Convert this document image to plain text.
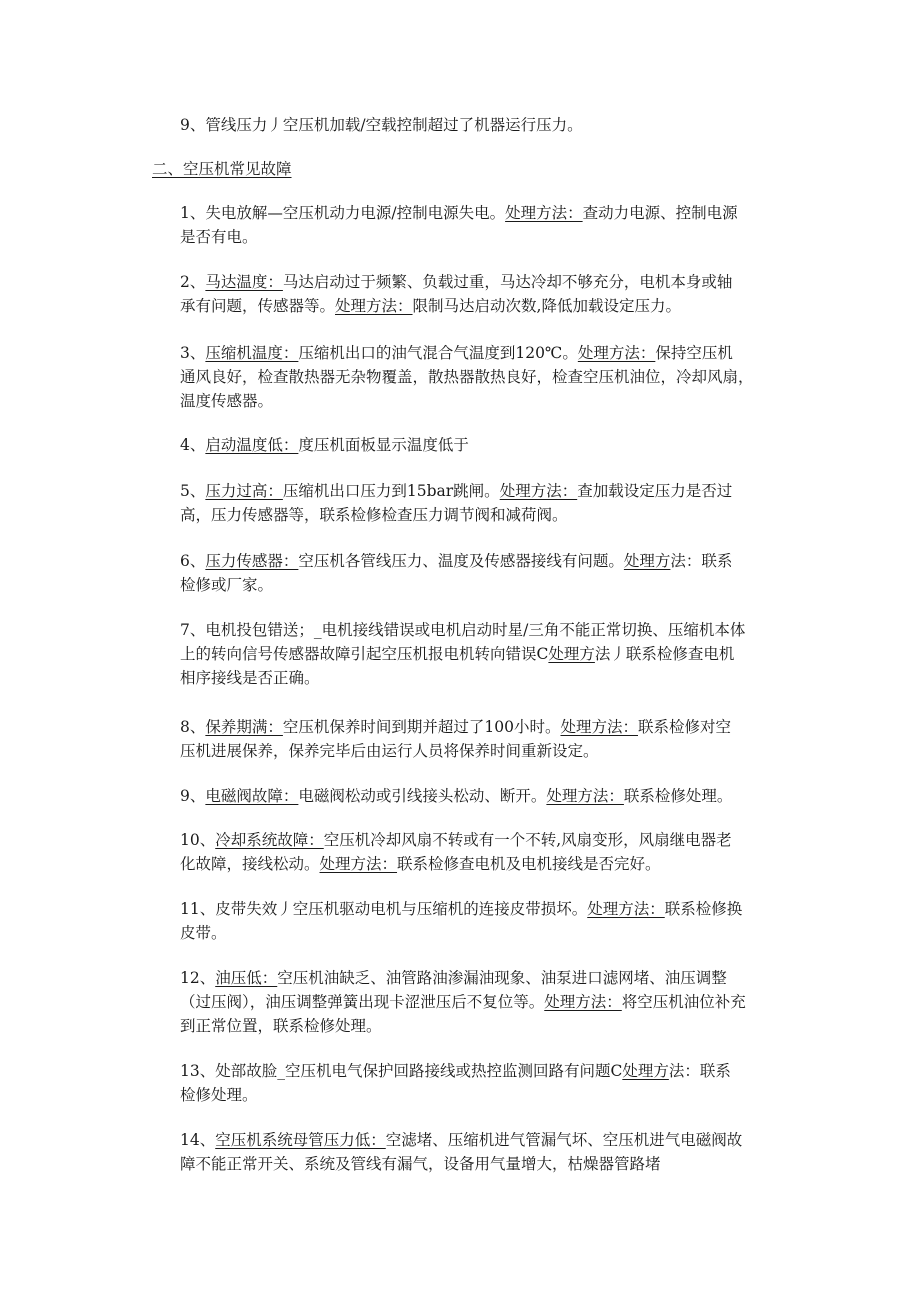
9、管线压力丿空压机加载/空载控制超过了机器运行压力。
二、空压机常见故障
1、失电放解—空压机动力电源/控制电源失电。处理方法：查动力电源、控制电源
是否有电。
2、马达温度：马达启动过于频繁、负载过重，马达冷却不够充分，电机本身或轴
承有问题，传感器等。处理方法：限制马达启动次数,降低加载设定压力。
3、压缩机温度：压缩机出口的油气混合气温度到120℃。处理方法：保持空压机
通风良好，检查散热器无杂物覆盖，散热器散热良好，检查空压机油位，冷却风扇，
温度传感器。
4、启动温度低：度压机面板显示温度低于
5、压力过高：压缩机出口压力到15bar跳闸。处理方法：查加载设定压力是否过
高，压力传感器等，联系检修检查压力调节阀和减荷阀。
6、压力传感器：空压机各管线压力、温度及传感器接线有问题。处理方法：联系
检修或厂家。
7、电机投包错送；_电机接线错误或电机启动时星/三角不能正常切换、压缩机本体
上的转向信号传感器故障引起空压机报电机转向错误C处理方法丿联系检修查电机
相序接线是否正确。
8、保养期满：空压机保养时间到期并超过了100小时。处理方法：联系检修对空
压机进展保养，保养完毕后由运行人员将保养时间重新设定。
9、电磁阀故障：电磁阀松动或引线接头松动、断开。处理方法：联系检修处理。
10、冷却系统故障：空压机冷却风扇不转或有一个不转,风扇变形，风扇继电器老
化故障，接线松动。处理方法：联系检修查电机及电机接线是否完好。
11、皮带失效丿空压机驱动电机与压缩机的连接皮带损坏。处理方法：联系检修换
皮带。
12、油压低：空压机油缺乏、油管路油渗漏油现象、油泵进口滤网堵、油压调整
（过压阀），油压调整弹簧出现卡涩泄压后不复位等。处理方法：将空压机油位补充
到正常位置，联系检修处理。
13、处部故脸_空压机电气保护回路接线或热控监测回路有问题C处理方法：联系
检修处理。
14、空压机系统母管压力低：空滤堵、压缩机进气管漏气坏、空压机进气电磁阀故
障不能正常开关、系统及管线有漏气，设备用气量增大，枯燥器管路堵
